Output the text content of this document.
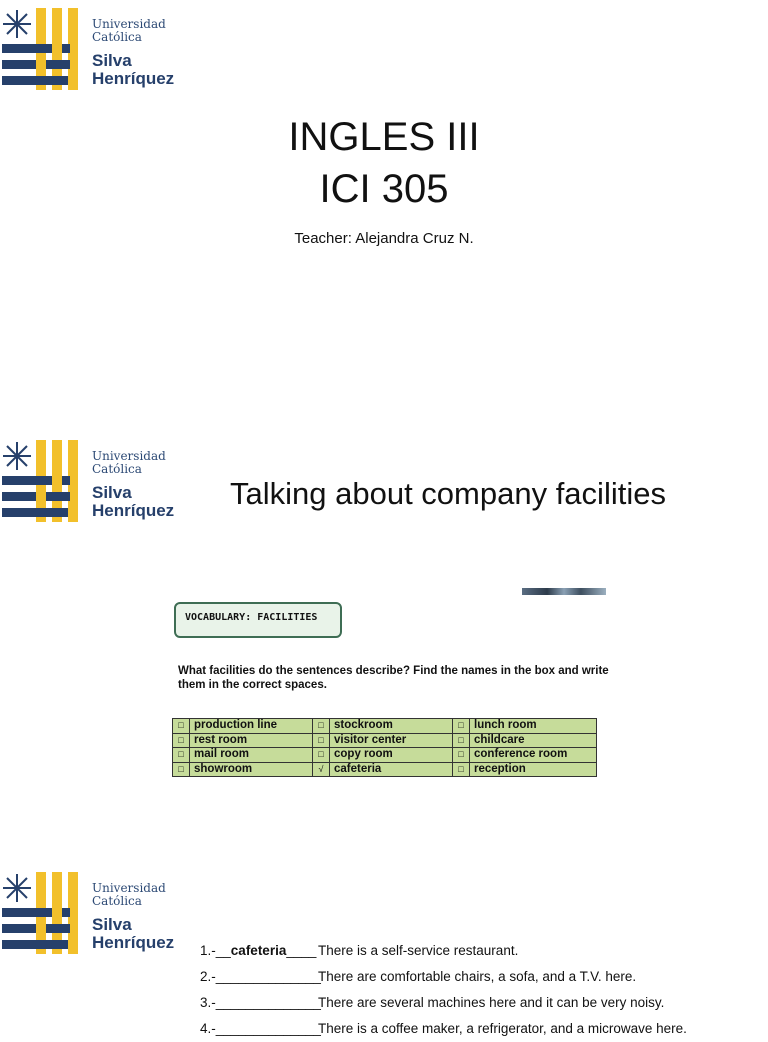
Universidad
Católica
Silva
Henríquez
INGLES III
ICI 305
Teacher: Alejandra Cruz N.
Universidad
Católica
Silva
Henríquez Talking about company facilities
VOCABULARY: FACILITIES
What facilities do the sentences describe? Find the names in the box and write them in the correct spaces.
□	production line	□	stockroom	□	lunch room
□	rest room	□	visitor center	□	childcare
□	mail room	□	copy room	□	conference room
□	showroom	√	cafeteria	□	reception
Universidad
Católica
Silva
Henríquez 1.-__cafeteria____ There is a self-service restaurant.
2.-______________There are comfortable chairs, a sofa, and a T.V. here.
3.-______________There are several machines here and it can be very noisy.
4.-______________There is a coffee maker, a refrigerator, and a microwave here.
